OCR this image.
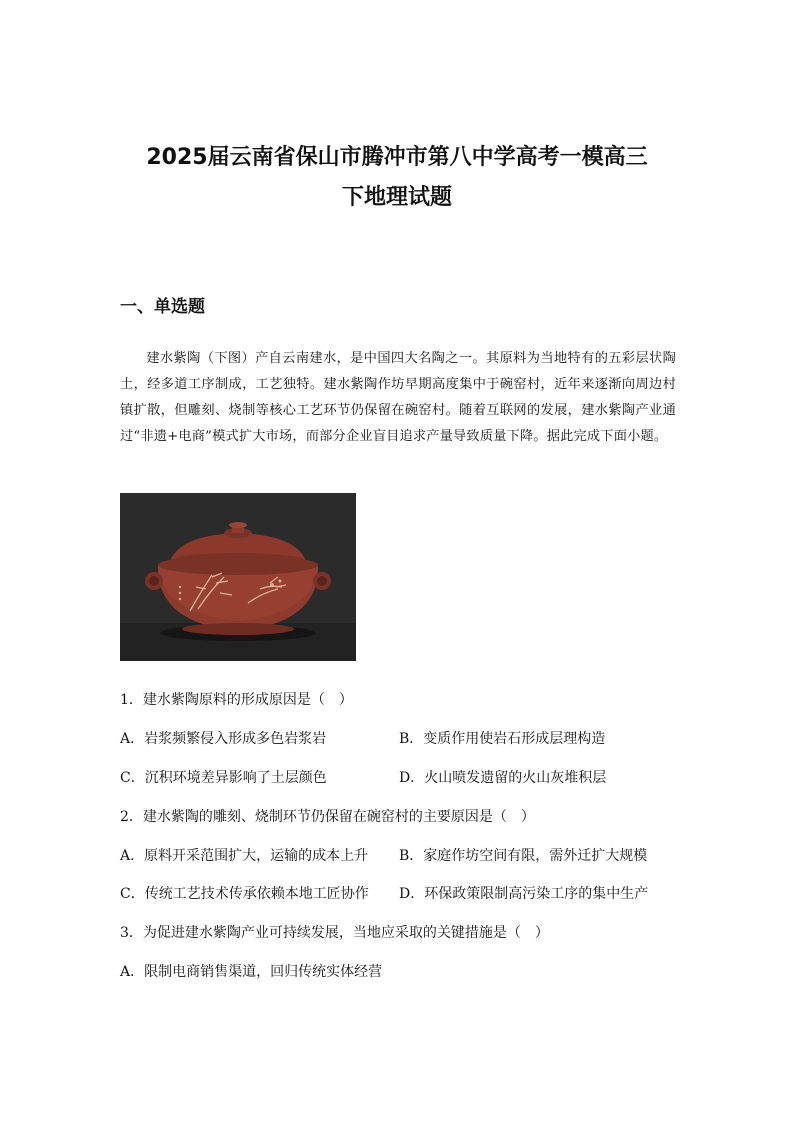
2025届云南省保山市腾冲市第八中学高考一模高三
下地理试题
一、单选题
建水紫陶（下图）产自云南建水，是中国四大名陶之一。其原料为当地特有的五彩层状陶土，经多道工序制成，工艺独特。建水紫陶作坊早期高度集中于碗窑村，近年来逐渐向周边村镇扩散，但雕刻、烧制等核心工艺环节仍保留在碗窑村。随着互联网的发展，建水紫陶产业通过“非遗+电商”模式扩大市场，而部分企业盲目追求产量导致质量下降。据此完成下面小题。
1．建水紫陶原料的形成原因是（　）
A．岩浆频繁侵入形成多色岩浆岩	B．变质作用使岩石形成层理构造
C．沉积环境差异影响了土层颜色	D．火山喷发遗留的火山灰堆积层
2．建水紫陶的雕刻、烧制环节仍保留在碗窑村的主要原因是（　）
A．原料开采范围扩大，运输的成本上升 B．家庭作坊空间有限，需外迁扩大规模
C．传统工艺技术传承依赖本地工匠协作 D．环保政策限制高污染工序的集中生产
3．为促进建水紫陶产业可持续发展，当地应采取的关键措施是（　）
A．限制电商销售渠道，回归传统实体经营
